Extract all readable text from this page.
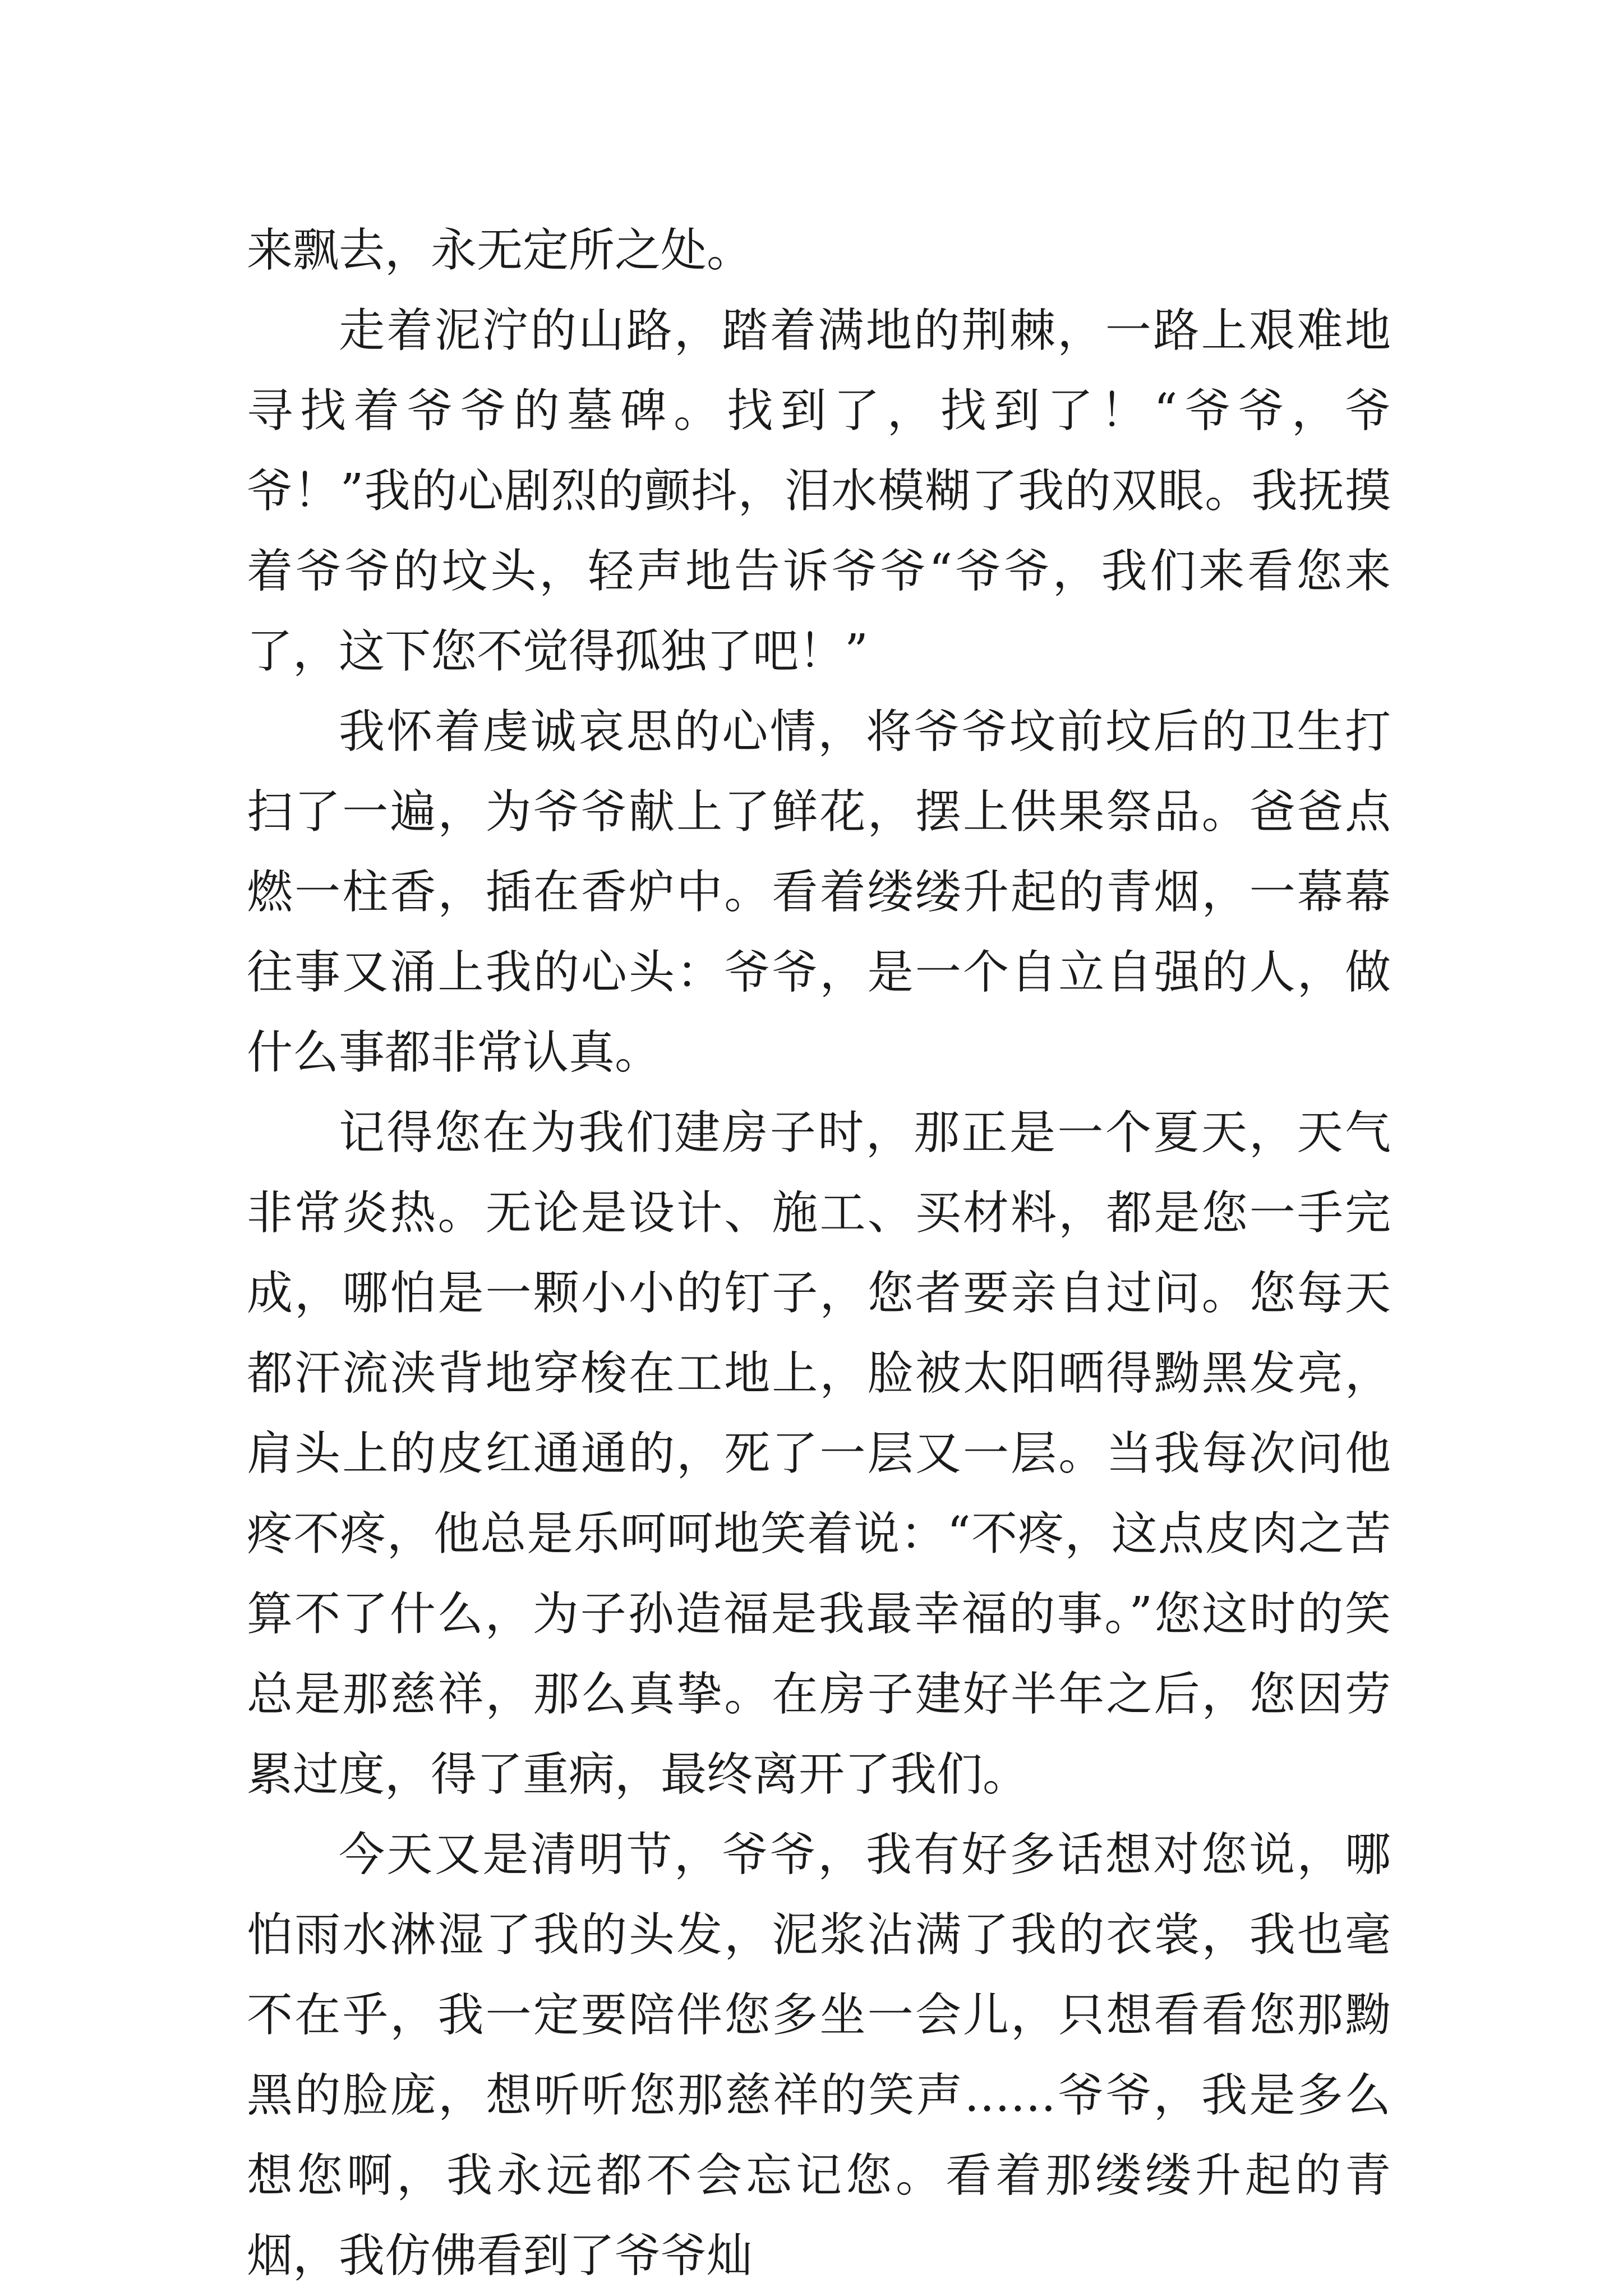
来飘去，永无定所之处。

走着泥泞的山路，踏着满地的荆棘，一路上艰难地寻找着爷爷的墓碑。找到了，找到了！“爷爷，爷爷！”我的心剧烈的颤抖，泪水模糊了我的双眼。我抚摸着爷爷的坟头，轻声地告诉爷爷“爷爷，我们来看您来了，这下您不觉得孤独了吧！”

我怀着虔诚哀思的心情，将爷爷坟前坟后的卫生打扫了一遍，为爷爷献上了鲜花，摆上供果祭品。爸爸点燃一柱香，插在香炉中。看着缕缕升起的青烟，一幕幕往事又涌上我的心头：爷爷，是一个自立自强的人，做什么事都非常认真。

记得您在为我们建房子时，那正是一个夏天，天气非常炎热。无论是设计、施工、买材料，都是您一手完成，哪怕是一颗小小的钉子，您者要亲自过问。您每天都汗流浃背地穿梭在工地上，脸被太阳晒得黝黑发亮，肩头上的皮红通通的，死了一层又一层。当我每次问他疼不疼，他总是乐呵呵地笑着说：“不疼，这点皮肉之苦算不了什么，为子孙造福是我最幸福的事。”您这时的笑总是那慈祥，那么真挚。在房子建好半年之后，您因劳累过度，得了重病，最终离开了我们。

今天又是清明节，爷爷，我有好多话想对您说，哪怕雨水淋湿了我的头发，泥浆沾满了我的衣裳，我也毫不在乎，我一定要陪伴您多坐一会儿，只想看看您那黝黑的脸庞，想听听您那慈祥的笑声……爷爷，我是多么想您啊，我永远都不会忘记您。看着那缕缕升起的青烟，我仿佛看到了爷爷灿
